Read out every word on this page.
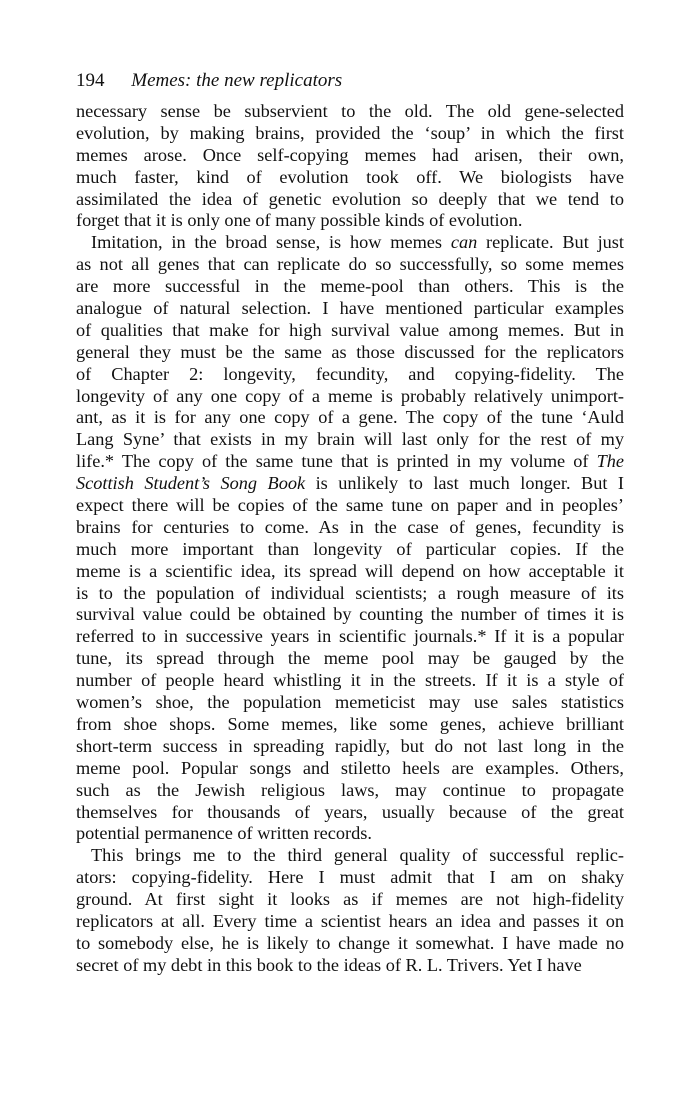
194 Memes: the new replicators
necessary sense be subservient to the old. The old gene-selected
evolution, by making brains, provided the ‘soup’ in which the first
memes arose. Once self-copying memes had arisen, their own,
much faster, kind of evolution took off. We biologists have
assimilated the idea of genetic evolution so deeply that we tend to
forget that it is only one of many possible kinds of evolution.
Imitation, in the broad sense, is how memes can replicate. But just
as not all genes that can replicate do so successfully, so some memes
are more successful in the meme-pool than others. This is the
analogue of natural selection. I have mentioned particular examples
of qualities that make for high survival value among memes. But in
general they must be the same as those discussed for the replicators
of Chapter 2: longevity, fecundity, and copying-fidelity. The
longevity of any one copy of a meme is probably relatively unimport-
ant, as it is for any one copy of a gene. The copy of the tune ‘Auld
Lang Syne’ that exists in my brain will last only for the rest of my
life.* The copy of the same tune that is printed in my volume of The
Scottish Student’s Song Book is unlikely to last much longer. But I
expect there will be copies of the same tune on paper and in peoples’
brains for centuries to come. As in the case of genes, fecundity is
much more important than longevity of particular copies. If the
meme is a scientific idea, its spread will depend on how acceptable it
is to the population of individual scientists; a rough measure of its
survival value could be obtained by counting the number of times it is
referred to in successive years in scientific journals.* If it is a popular
tune, its spread through the meme pool may be gauged by the
number of people heard whistling it in the streets. If it is a style of
women’s shoe, the population memeticist may use sales statistics
from shoe shops. Some memes, like some genes, achieve brilliant
short-term success in spreading rapidly, but do not last long in the
meme pool. Popular songs and stiletto heels are examples. Others,
such as the Jewish religious laws, may continue to propagate
themselves for thousands of years, usually because of the great
potential permanence of written records.
This brings me to the third general quality of successful replic-
ators: copying-fidelity. Here I must admit that I am on shaky
ground. At first sight it looks as if memes are not high-fidelity
replicators at all. Every time a scientist hears an idea and passes it on
to somebody else, he is likely to change it somewhat. I have made no
secret of my debt in this book to the ideas of R. L. Trivers. Yet I have
